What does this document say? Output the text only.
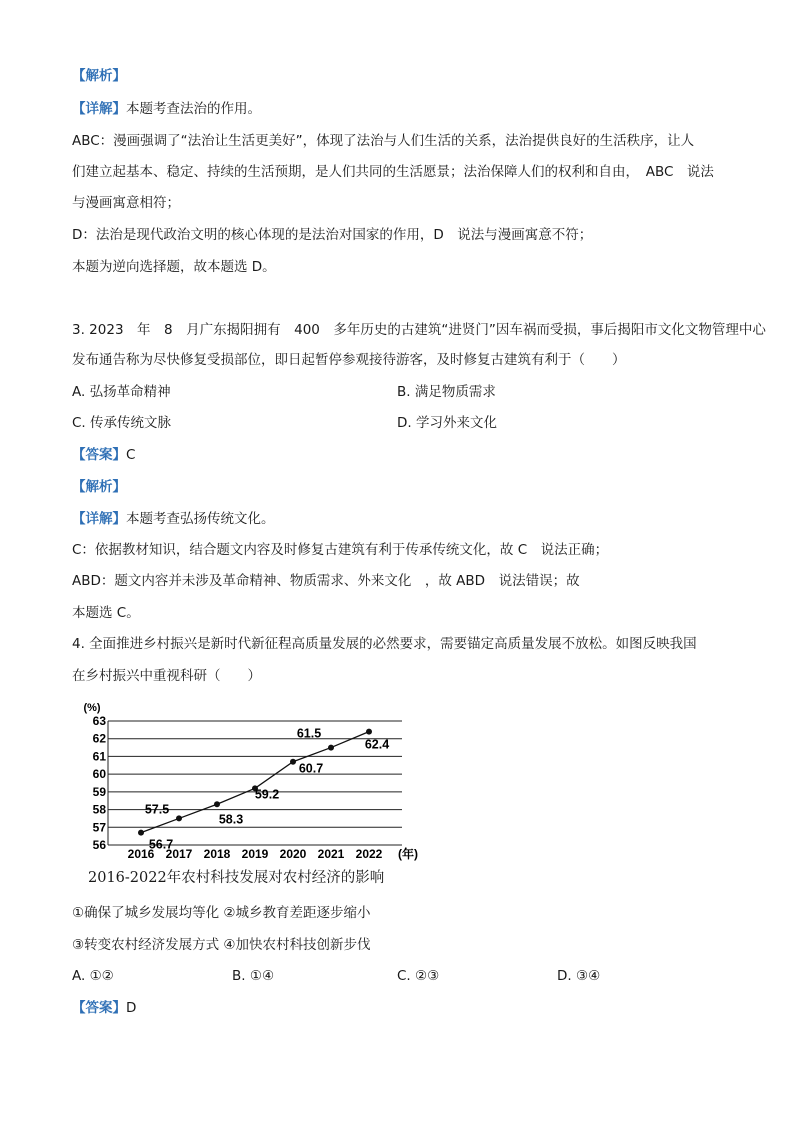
【解析】
【详解】本题考查法治的作用。
ABC：漫画强调了“法治让生活更美好”，体现了法治与人们生活的关系，法治提供良好的生活秩序，让人
们建立起基本、稳定、持续的生活预期，是人们共同的生活愿景；法治保障人们的权利和自由，　ABC　说法
与漫画寓意相符；
D：法治是现代政治文明的核心体现的是法治对国家的作用，D　说法与漫画寓意不符；
本题为逆向选择题，故本题选 D。
3. 2023　年　8　月广东揭阳拥有　400　多年历史的古建筑“进贤门”因车祸而受损，事后揭阳市文化文物管理中心
发布通告称为尽快修复受损部位，即日起暂停参观接待游客，及时修复古建筑有利于（　　）
A. 弘扬革命精神	B. 满足物质需求
C. 传承传统文脉	D. 学习外来文化
【答案】C
【解析】
【详解】本题考查弘扬传统文化。
C：依据教材知识，结合题文内容及时修复古建筑有利于传承传统文化，故 C　说法正确；
ABD：题文内容并未涉及革命精神、物质需求、外来文化　，故 ABD　说法错误；故
本题选 C。
4. 全面推进乡村振兴是新时代新征程高质量发展的必然要求，需要锚定高质量发展不放松。如图反映我国
在乡村振兴中重视科研（　　）
56.7
57.5
58.3
59.2
60.7
61.5
62.4
56
57
58
59
60
61
62
63
2016 2017 2018 2019 2020 2021 2022
(%)
(年)
2016-2022年农村科技发展对农村经济的影响
①确保了城乡发展均等化 ②城乡教育差距逐步缩小
③转变农村经济发展方式 ④加快农村科技创新步伐
A. ①②	B. ①④	C. ②③	D. ③④
【答案】D
